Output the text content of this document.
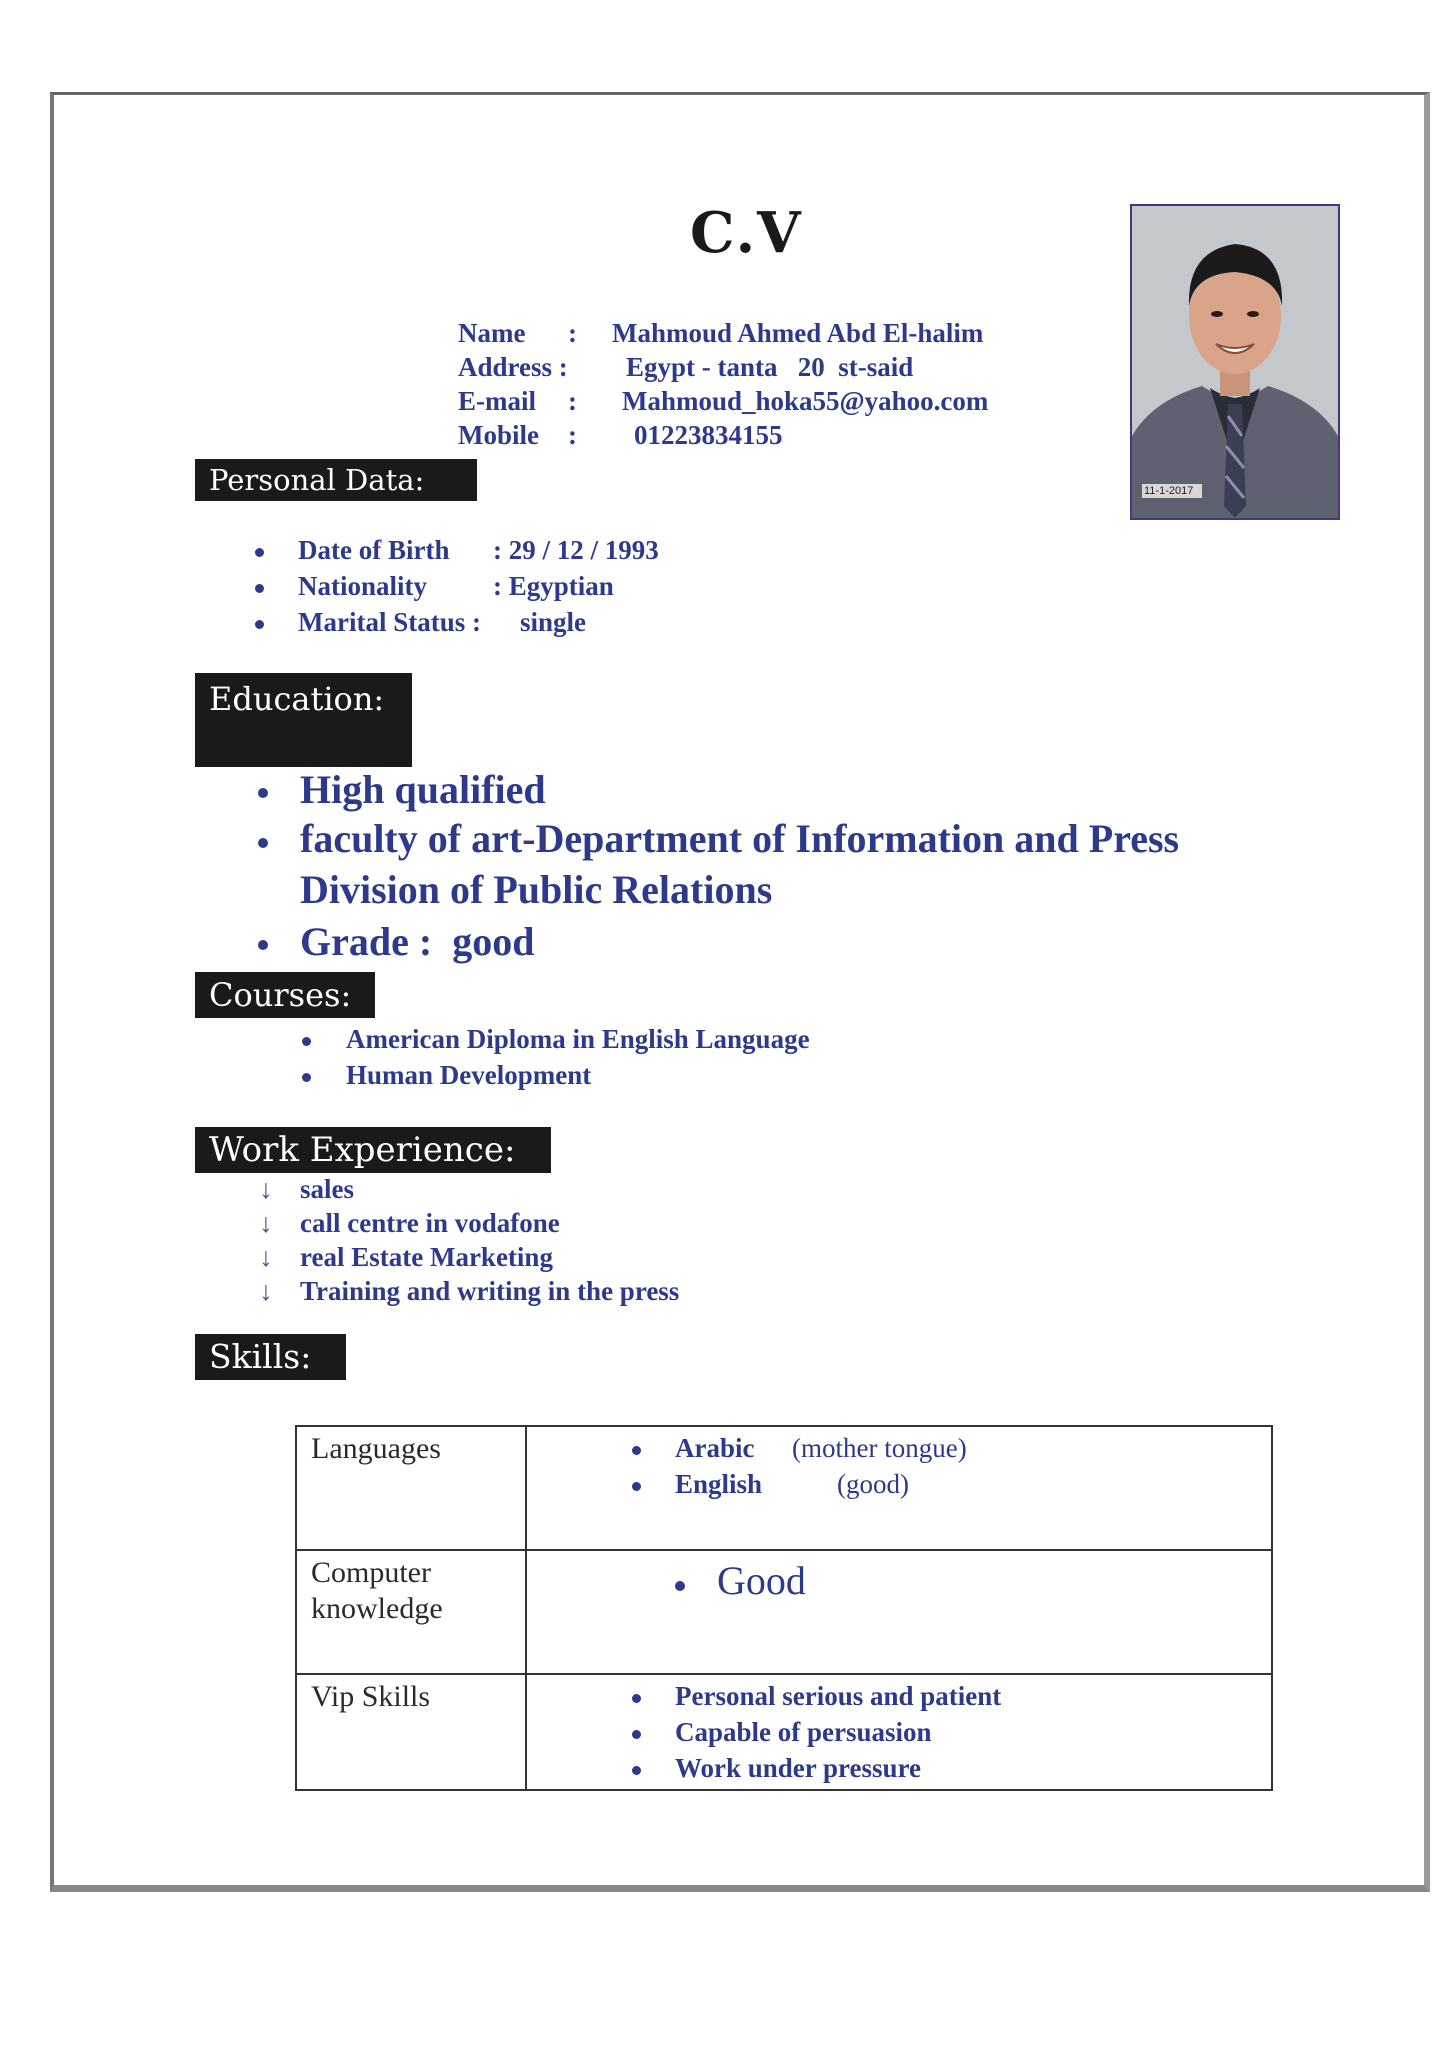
C.V
Name : Mahmoud Ahmed Abd El-halim
Address : Egypt - tanta   20  st-said
E-mail : Mahmoud_hoka55@yahoo.com
Mobile : 01223834155
11-1-2017
Personal Data:
Date of Birth : 29 / 12 / 1993
Nationality : Egyptian
Marital Status : single
Education:
High qualified
faculty of art-Department of Information and Press Division of Public Relations
Grade :  good
Courses:
American Diploma in English Language
Human Development
Work Experience:
↓ sales
↓ call centre in vodafone
↓ real Estate Marketing
↓ Training and writing in the press
Skills:
Languages	Arabic (mother tongue)
English (good)

Computer knowledge	Good

Vip Skills	Personal serious and patient
Capable of persuasion
Work under pressure
